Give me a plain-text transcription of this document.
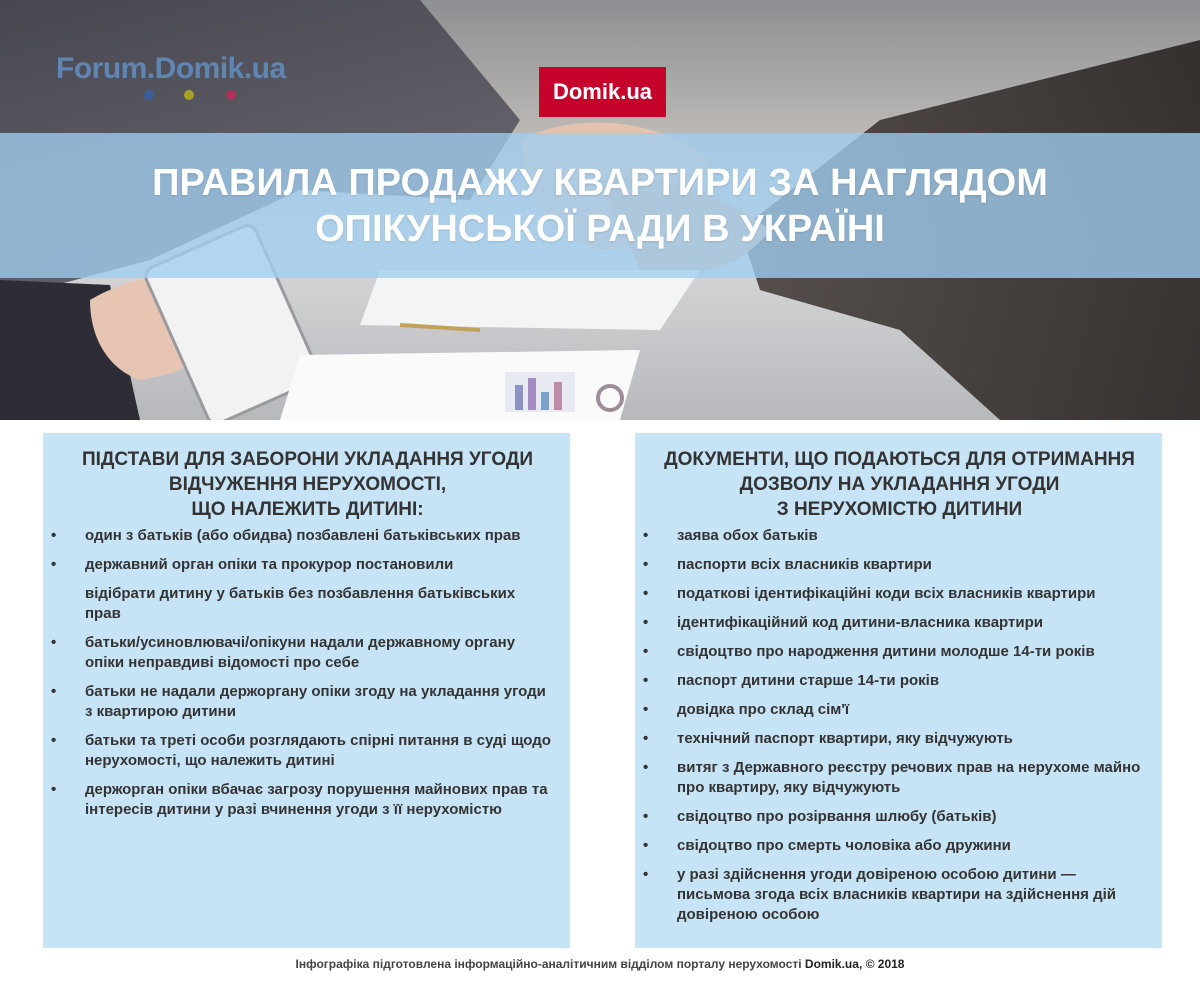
Forum.Domik.ua
Domik.ua
ПРАВИЛА ПРОДАЖУ КВАРТИРИ ЗА НАГЛЯДОМ
ОПІКУНСЬКОЇ РАДИ В УКРАЇНІ
ПІДСТАВИ ДЛЯ ЗАБОРОНИ УКЛАДАННЯ УГОДИ
ВІДЧУЖЕННЯ НЕРУХОМОСТІ,
ЩО НАЛЕЖИТЬ ДИТИНІ:
• один з батьків (або обидва) позбавлені батьківських прав
• державний орган опіки та прокурор постановили
відібрати дитину у батьків без позбавлення батьківських прав
• батьки/усиновлювачі/опікуни надали державному органу опіки неправдиві відомості про себе
• батьки не надали держоргану опіки згоду на укладання угоди з квартирою дитини
• батьки та треті особи розглядають спірні питання в суді щодо нерухомості, що належить дитині
• держорган опіки вбачає загрозу порушення майнових прав та інтересів дитини у разі вчинення угоди з її нерухомістю
ДОКУМЕНТИ, ЩО ПОДАЮТЬСЯ ДЛЯ ОТРИМАННЯ
ДОЗВОЛУ НА УКЛАДАННЯ УГОДИ
З НЕРУХОМІСТЮ ДИТИНИ
• заява обох батьків
• паспорти всіх власників квартири
• податкові ідентифікаційні коди всіх власників квартири
• ідентифікаційний код дитини-власника квартири
• свідоцтво про народження дитини молодше 14-ти років
• паспорт дитини старше 14-ти років
• довідка про склад сім'ї
• технічний паспорт квартири, яку відчужують
• витяг з Державного реєстру речових прав на нерухоме майно про квартиру, яку відчужують
• свідоцтво про розірвання шлюбу (батьків)
• свідоцтво про смерть чоловіка або дружини
• у разі здійснення угоди довіреною особою дитини — письмова згода всіх власників квартири на здійснення дій довіреною особою
Інфографіка підготовлена інформаційно-аналітичним відділом порталу нерухомості Domik.ua, © 2018
